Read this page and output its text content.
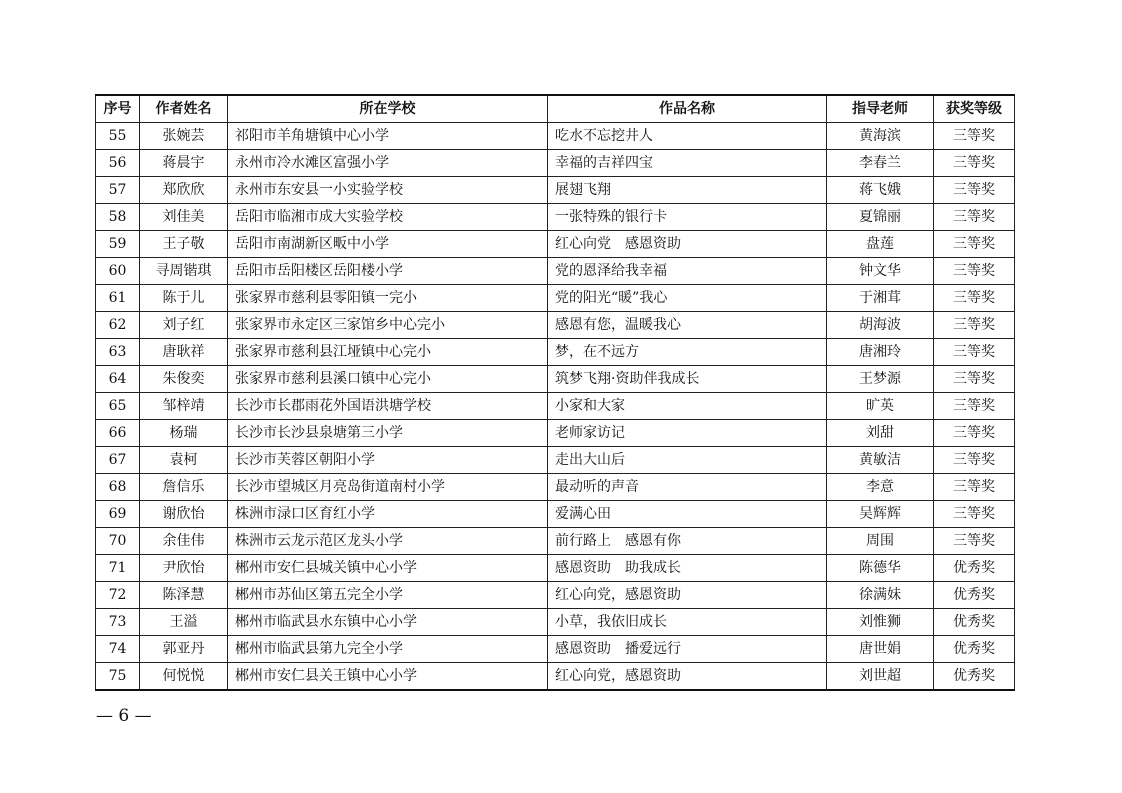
序号	作者姓名	所在学校	作品名称	指导老师	获奖等级
55	张婉芸	祁阳市羊角塘镇中心小学	吃水不忘挖井人	黄海滨	三等奖
56	蒋晨宇	永州市冷水滩区富强小学	幸福的吉祥四宝	李春兰	三等奖
57	郑欣欣	永州市东安县一小实验学校	展翅飞翔	蒋飞娥	三等奖
58	刘佳美	岳阳市临湘市成大实验学校	一张特殊的银行卡	夏锦丽	三等奖
59	王子敬	岳阳市南湖新区畈中小学	红心向党　感恩资助	盘莲	三等奖
60	寻周锴琪	岳阳市岳阳楼区岳阳楼小学	党的恩泽给我幸福	钟文华	三等奖
61	陈于儿	张家界市慈利县零阳镇一完小	党的阳光“暖”我心	于湘茸	三等奖
62	刘子红	张家界市永定区三家馆乡中心完小	感恩有您，温暖我心	胡海波	三等奖
63	唐耿祥	张家界市慈利县江垭镇中心完小	梦，在不远方	唐湘玲	三等奖
64	朱俊奕	张家界市慈利县溪口镇中心完小	筑梦飞翔·资助伴我成长	王梦源	三等奖
65	邹梓靖	长沙市长郡雨花外国语洪塘学校	小家和大家	旷英	三等奖
66	杨瑞	长沙市长沙县泉塘第三小学	老师家访记	刘甜	三等奖
67	袁柯	长沙市芙蓉区朝阳小学	走出大山后	黄敏洁	三等奖
68	詹信乐	长沙市望城区月亮岛街道南村小学	最动听的声音	李意	三等奖
69	谢欣怡	株洲市渌口区育红小学	爱满心田	吴辉辉	三等奖
70	余佳伟	株洲市云龙示范区龙头小学	前行路上　感恩有你	周围	三等奖
71	尹欣怡	郴州市安仁县城关镇中心小学	感恩资助　助我成长	陈德华	优秀奖
72	陈泽慧	郴州市苏仙区第五完全小学	红心向党，感恩资助	徐满妹	优秀奖
73	王溢	郴州市临武县水东镇中心小学	小草，我依旧成长	刘惟狮	优秀奖
74	郭亚丹	郴州市临武县第九完全小学	感恩资助　播爱远行	唐世娟	优秀奖
75	何悦悦	郴州市安仁县关王镇中心小学	红心向党，感恩资助	刘世超	优秀奖
— 6 —
